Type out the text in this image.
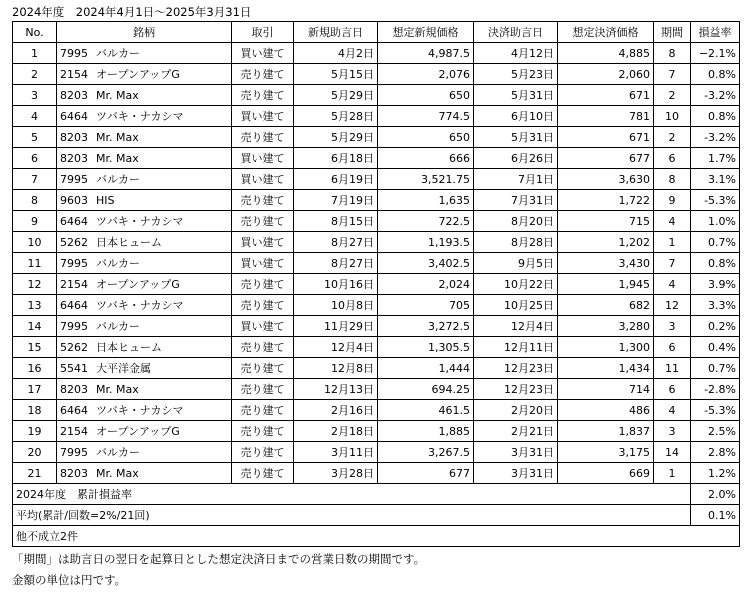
2024年度　2024年4月1日～2025年3月31日
No.	銘柄	取引	新規助言日	想定新規価格	決済助言日	想定決済価格	期間	損益率
1	7995 バルカー	買い建て	4月2日	4,987.5	4月12日	4,885	8	−2.1%
2	2154 オープンアップG	売り建て	5月15日	2,076	5月23日	2,060	7	0.8%
3	8203 Mr. Max	売り建て	5月29日	650	5月31日	671	2	-3.2%
4	6464 ツバキ・ナカシマ	買い建て	5月28日	774.5	6月10日	781	10	0.8%
5	8203 Mr. Max	売り建て	5月29日	650	5月31日	671	2	-3.2%
6	8203 Mr. Max	買い建て	6月18日	666	6月26日	677	6	1.7%
7	7995 バルカー	買い建て	6月19日	3,521.75	7月1日	3,630	8	3.1%
8	9603 HIS	売り建て	7月19日	1,635	7月31日	1,722	9	-5.3%
9	6464 ツバキ・ナカシマ	売り建て	8月15日	722.5	8月20日	715	4	1.0%
10	5262 日本ヒューム	買い建て	8月27日	1,193.5	8月28日	1,202	1	0.7%
11	7995 バルカー	買い建て	8月27日	3,402.5	9月5日	3,430	7	0.8%
12	2154 オープンアップG	売り建て	10月16日	2,024	10月22日	1,945	4	3.9%
13	6464 ツバキ・ナカシマ	売り建て	10月8日	705	10月25日	682	12	3.3%
14	7995 バルカー	買い建て	11月29日	3,272.5	12月4日	3,280	3	0.2%
15	5262 日本ヒューム	売り建て	12月4日	1,305.5	12月11日	1,300	6	0.4%
16	5541 大平洋金属	売り建て	12月8日	1,444	12月23日	1,434	11	0.7%
17	8203 Mr. Max	売り建て	12月13日	694.25	12月23日	714	6	-2.8%
18	6464 ツバキ・ナカシマ	売り建て	2月16日	461.5	2月20日	486	4	-5.3%
19	2154 オープンアップG	売り建て	2月18日	1,885	2月21日	1,837	3	2.5%
20	7995 バルカー	売り建て	3月11日	3,267.5	3月31日	3,175	14	2.8%
21	8203 Mr. Max	売り建て	3月28日	677	3月31日	669	1	1.2%
2024年度　累計損益率								2.0%
平均(累計/回数=2%/21回)								0.1%
他不成立2件								
「期間」は助言日の翌日を起算日とした想定決済日までの営業日数の期間です。
金額の単位は円です。
